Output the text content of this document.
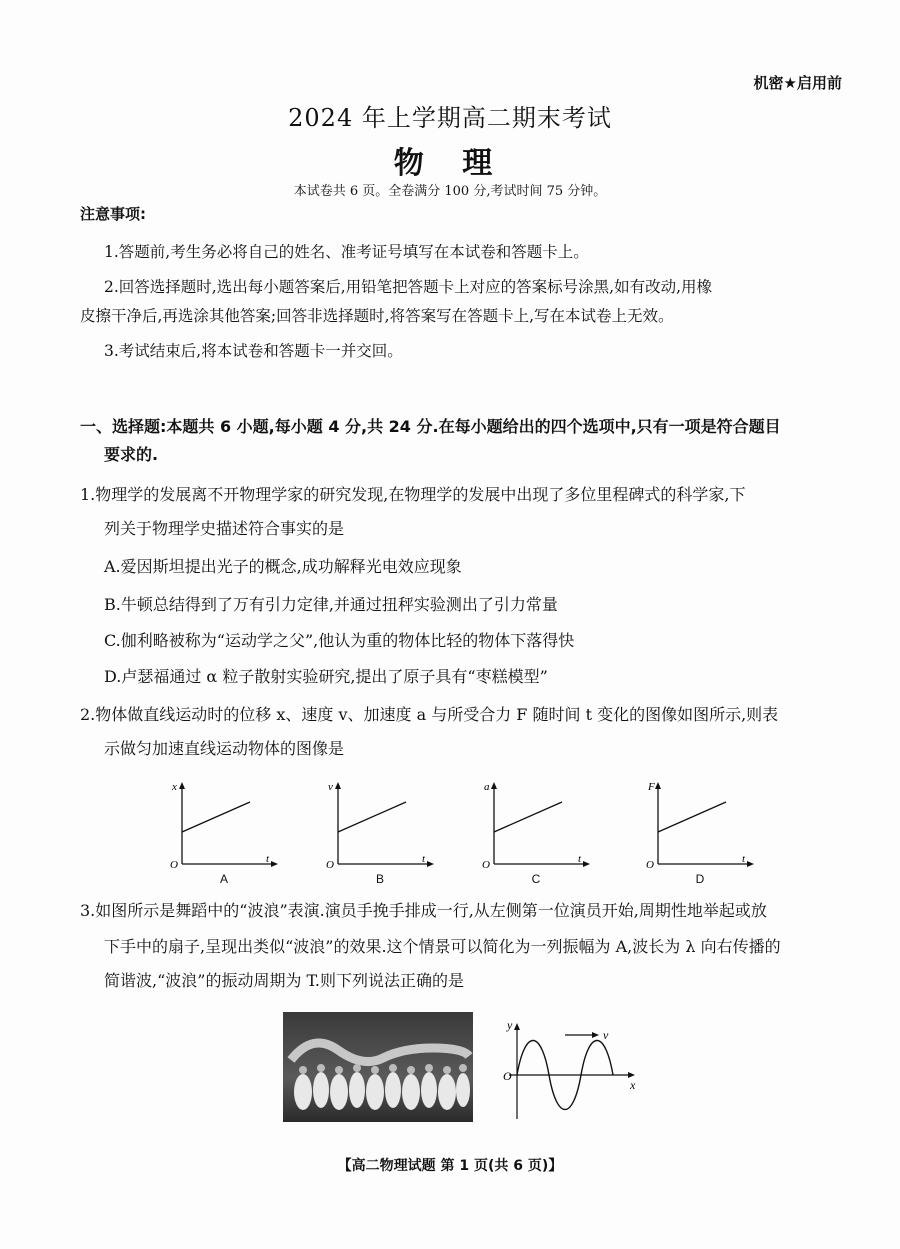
机密★启用前
2024 年上学期高二期末考试
物 理
本试卷共 6 页。全卷满分 100 分,考试时间 75 分钟。
注意事项:
1.答题前,考生务必将自己的姓名、准考证号填写在本试卷和答题卡上。
2.回答选择题时,选出每小题答案后,用铅笔把答题卡上对应的答案标号涂黑,如有改动,用橡
皮擦干净后,再选涂其他答案;回答非选择题时,将答案写在答题卡上,写在本试卷上无效。
3.考试结束后,将本试卷和答题卡一并交回。
一、选择题:本题共 6 小题,每小题 4 分,共 24 分.在每小题给出的四个选项中,只有一项是符合题目
要求的.
1.物理学的发展离不开物理学家的研究发现,在物理学的发展中出现了多位里程碑式的科学家,下
列关于物理学史描述符合事实的是
A.爱因斯坦提出光子的概念,成功解释光电效应现象
B.牛顿总结得到了万有引力定律,并通过扭秤实验测出了引力常量
C.伽利略被称为“运动学之父”,他认为重的物体比轻的物体下落得快
D.卢瑟福通过 α 粒子散射实验研究,提出了原子具有“枣糕模型”
2.物体做直线运动时的位移 x、速度 v、加速度 a 与所受合力 F 随时间 t 变化的图像如图所示,则表
示做匀加速直线运动物体的图像是
x
t
O
A
v
t
O
B
a
t
O
C
F
t
O
D
3.如图所示是舞蹈中的“波浪”表演.演员手挽手排成一行,从左侧第一位演员开始,周期性地举起或放
下手中的扇子,呈现出类似“波浪”的效果.这个情景可以简化为一列振幅为 A,波长为 λ 向右传播的
简谐波,“波浪”的振动周期为 T.则下列说法正确的是
y
x
O
v
【高二物理试题 第 1 页(共 6 页)】
